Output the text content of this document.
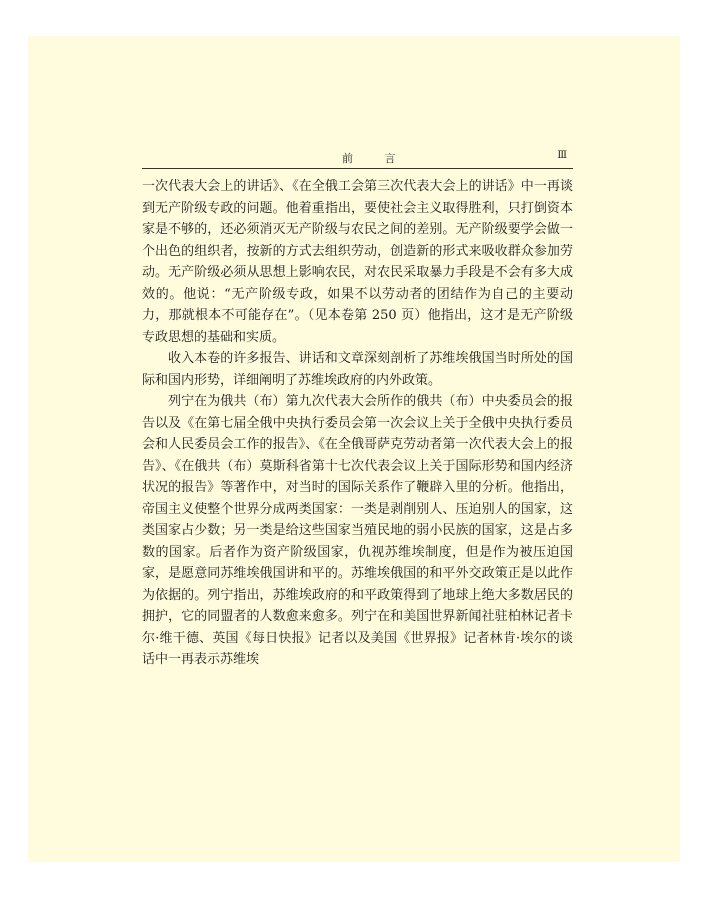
前 言	Ⅲ

一次代表大会上的讲话》、《在全俄工会第三次代表大会上的讲话》中一再谈到无产阶级专政的问题。他着重指出，要使社会主义取得胜利，只打倒资本家是不够的，还必须消灭无产阶级与农民之间的差别。无产阶级要学会做一个出色的组织者，按新的方式去组织劳动，创造新的形式来吸收群众参加劳动。无产阶级必须从思想上影响农民，对农民采取暴力手段是不会有多大成效的。他说：“无产阶级专政，如果不以劳动者的团结作为自己的主要动力，那就根本不可能存在”。（见本卷第 250 页）他指出，这才是无产阶级专政思想的基础和实质。

收入本卷的许多报告、讲话和文章深刻剖析了苏维埃俄国当时所处的国际和国内形势，详细阐明了苏维埃政府的内外政策。

列宁在为俄共（布）第九次代表大会所作的俄共（布）中央委员会的报告以及《在第七届全俄中央执行委员会第一次会议上关于全俄中央执行委员会和人民委员会工作的报告》、《在全俄哥萨克劳动者第一次代表大会上的报告》、《在俄共（布）莫斯科省第十七次代表会议上关于国际形势和国内经济状况的报告》等著作中，对当时的国际关系作了鞭辟入里的分析。他指出，帝国主义使整个世界分成两类国家：一类是剥削别人、压迫别人的国家，这类国家占少数；另一类是给这些国家当殖民地的弱小民族的国家，这是占多数的国家。后者作为资产阶级国家，仇视苏维埃制度，但是作为被压迫国家，是愿意同苏维埃俄国讲和平的。苏维埃俄国的和平外交政策正是以此作为依据的。列宁指出，苏维埃政府的和平政策得到了地球上绝大多数居民的拥护，它的同盟者的人数愈来愈多。列宁在和美国世界新闻社驻柏林记者卡尔·维干德、英国《每日快报》记者以及美国《世界报》记者林肯·埃尔的谈话中一再表示苏维埃
